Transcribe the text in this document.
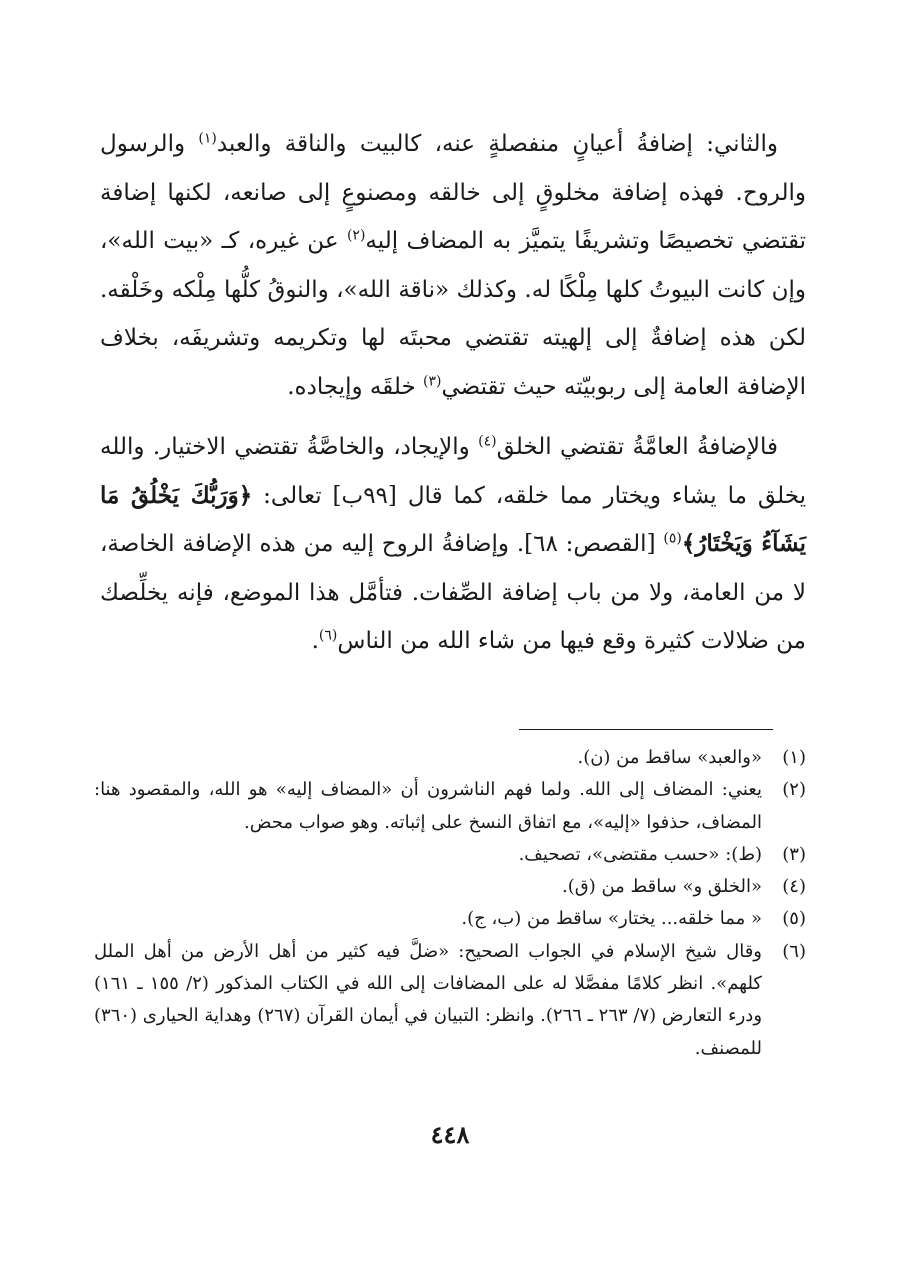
والثاني: إضافةُ أعيانٍ منفصلةٍ عنه، كالبيت والناقة والعبد$^{(١)}$ والرسول والروح. فهذه إضافة مخلوقٍ إلى خالقه ومصنوعٍ إلى صانعه، لكنها إضافة تقتضي تخصيصًا وتشريفًا يتميَّز به المضاف إليه$^{(٢)}$ عن غيره، كـ «بيت الله»، وإن كانت البيوتُ كلها مِلْكًا له. وكذلك «ناقة الله»، والنوقُ كلُّها مِلْكه وخَلْقه. لكن هذه إضافةٌ إلى إلهيته تقتضي محبتَه لها وتكريمه وتشريفَه، بخلاف الإضافة العامة إلى ربوبيّته حيث تقتضي$^{(٣)}$ خلقَه وإيجاده.

فالإضافةُ العامَّةُ تقتضي الخلق$^{(٤)}$ والإيجاد، والخاصَّةُ تقتضي الاختيار. والله يخلق ما يشاء ويختار مما خلقه، كما قال [٩٩ب] تعالى: ﴿وَرَبُّكَ يَخْلُقُ مَا يَشَآءُ وَيَخْتَارُ﴾$^{(٥)}$ [القصص: ٦٨]. وإضافةُ الروح إليه من هذه الإضافة الخاصة، لا من العامة، ولا من باب إضافة الصِّفات. فتأمَّل هذا الموضع، فإنه يخلِّصك من ضلالات كثيرة وقع فيها من شاء الله من الناس$^{(٦)}$.

(١)
«والعبد» ساقط من (ن).
(٢)
يعني: المضاف إلى الله. ولما فهم الناشرون أن «المضاف إليه» هو الله، والمقصود هنا: المضاف، حذفوا «إليه»، مع اتفاق النسخ على إثباته. وهو صواب محض.
(٣)
(ط): «حسب مقتضى»، تصحيف.
(٤)
«الخلق و» ساقط من (ق).
(٥)
« مما خلقه... يختار» ساقط من (ب، ج).
(٦)
وقال شيخ الإسلام في الجواب الصحيح: «ضلَّ فيه كثير من أهل الأرض من أهل الملل كلهم». انظر كلامًا مفصَّلا له على المضافات إلى الله في الكتاب المذكور (٢/ ١٥٥ ـ ١٦١) ودرء التعارض (٧/ ٢٦٣ ـ ٢٦٦). وانظر: التبيان في أيمان القرآن (٢٦٧) وهداية الحيارى (٣٦٠) للمصنف.
٤٤٨
